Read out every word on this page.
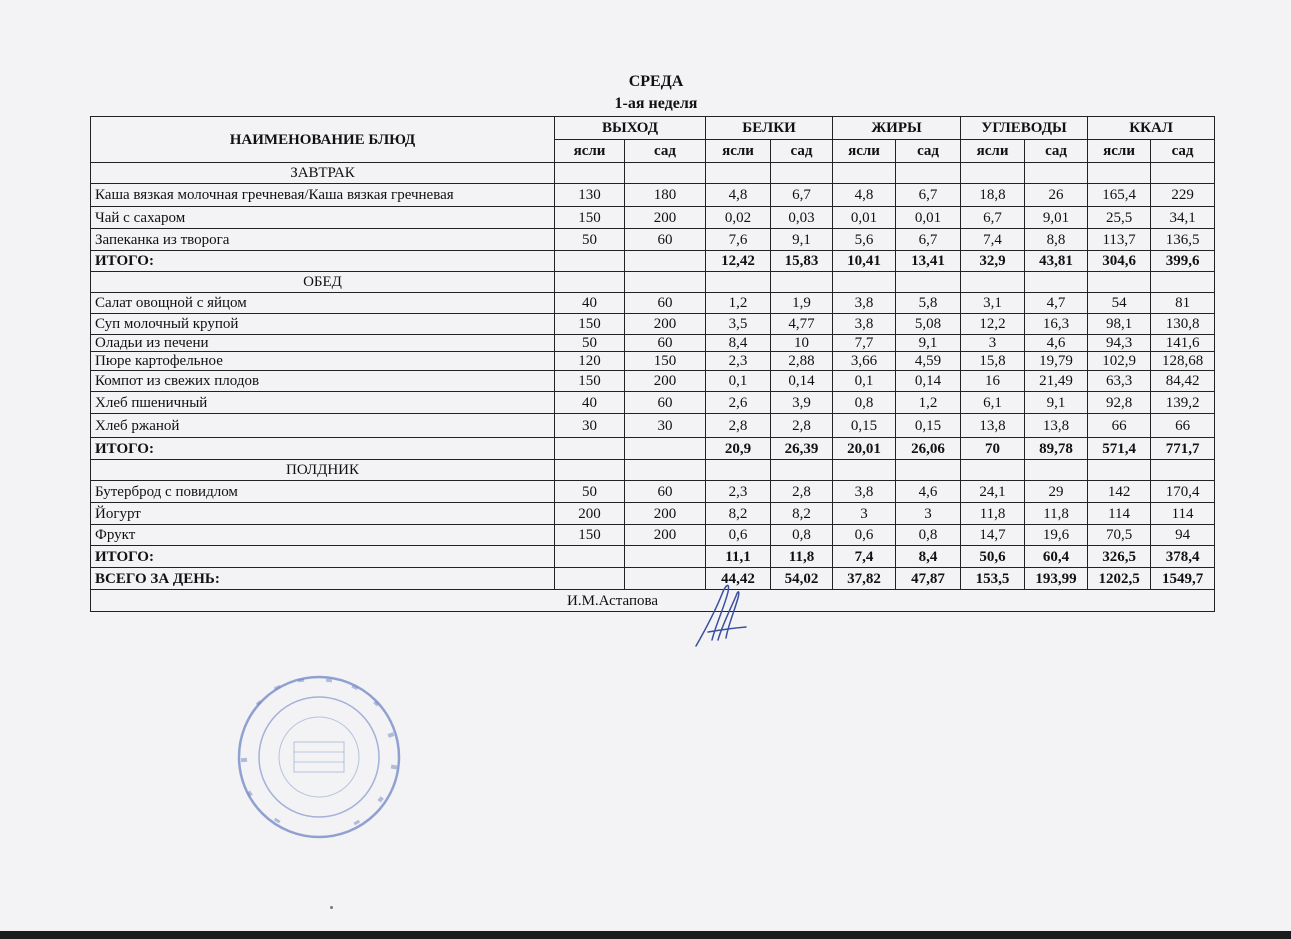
СРЕДА
1-ая неделя
НАИМЕНОВАНИЕ БЛЮД	ВЫХОД		БЕЛКИ		ЖИРЫ		УГЛЕВОДЫ		ККАЛ	
	ясли	сад	ясли	сад	ясли	сад	ясли	сад	ясли	сад
ЗАВТРАК										
Каша вязкая молочная гречневая/Каша вязкая гречневая	130	180	4,8	6,7	4,8	6,7	18,8	26	165,4	229
Чай с сахаром	150	200	0,02	0,03	0,01	0,01	6,7	9,01	25,5	34,1
Запеканка из творога	50	60	7,6	9,1	5,6	6,7	7,4	8,8	113,7	136,5
ИТОГО:			12,42	15,83	10,41	13,41	32,9	43,81	304,6	399,6
ОБЕД										
Салат овощной с яйцом	40	60	1,2	1,9	3,8	5,8	3,1	4,7	54	81
Суп молочный крупой	150	200	3,5	4,77	3,8	5,08	12,2	16,3	98,1	130,8
Оладьи из печени	50	60	8,4	10	7,7	9,1	3	4,6	94,3	141,6
Пюре картофельное	120	150	2,3	2,88	3,66	4,59	15,8	19,79	102,9	128,68
Компот из свежих плодов	150	200	0,1	0,14	0,1	0,14	16	21,49	63,3	84,42
Хлеб пшеничный	40	60	2,6	3,9	0,8	1,2	6,1	9,1	92,8	139,2
Хлеб ржаной	30	30	2,8	2,8	0,15	0,15	13,8	13,8	66	66
ИТОГО:			20,9	26,39	20,01	26,06	70	89,78	571,4	771,7
ПОЛДНИК										
Бутерброд с повидлом	50	60	2,3	2,8	3,8	4,6	24,1	29	142	170,4
Йогурт	200	200	8,2	8,2	3	3	11,8	11,8	114	114
Фрукт	150	200	0,6	0,8	0,6	0,8	14,7	19,6	70,5	94
ИТОГО:			11,1	11,8	7,4	8,4	50,6	60,4	326,5	378,4
ВСЕГО ЗА ДЕНЬ:			44,42	54,02	37,82	47,87	153,5	193,99	1202,5	1549,7
И.М.Астапова										
